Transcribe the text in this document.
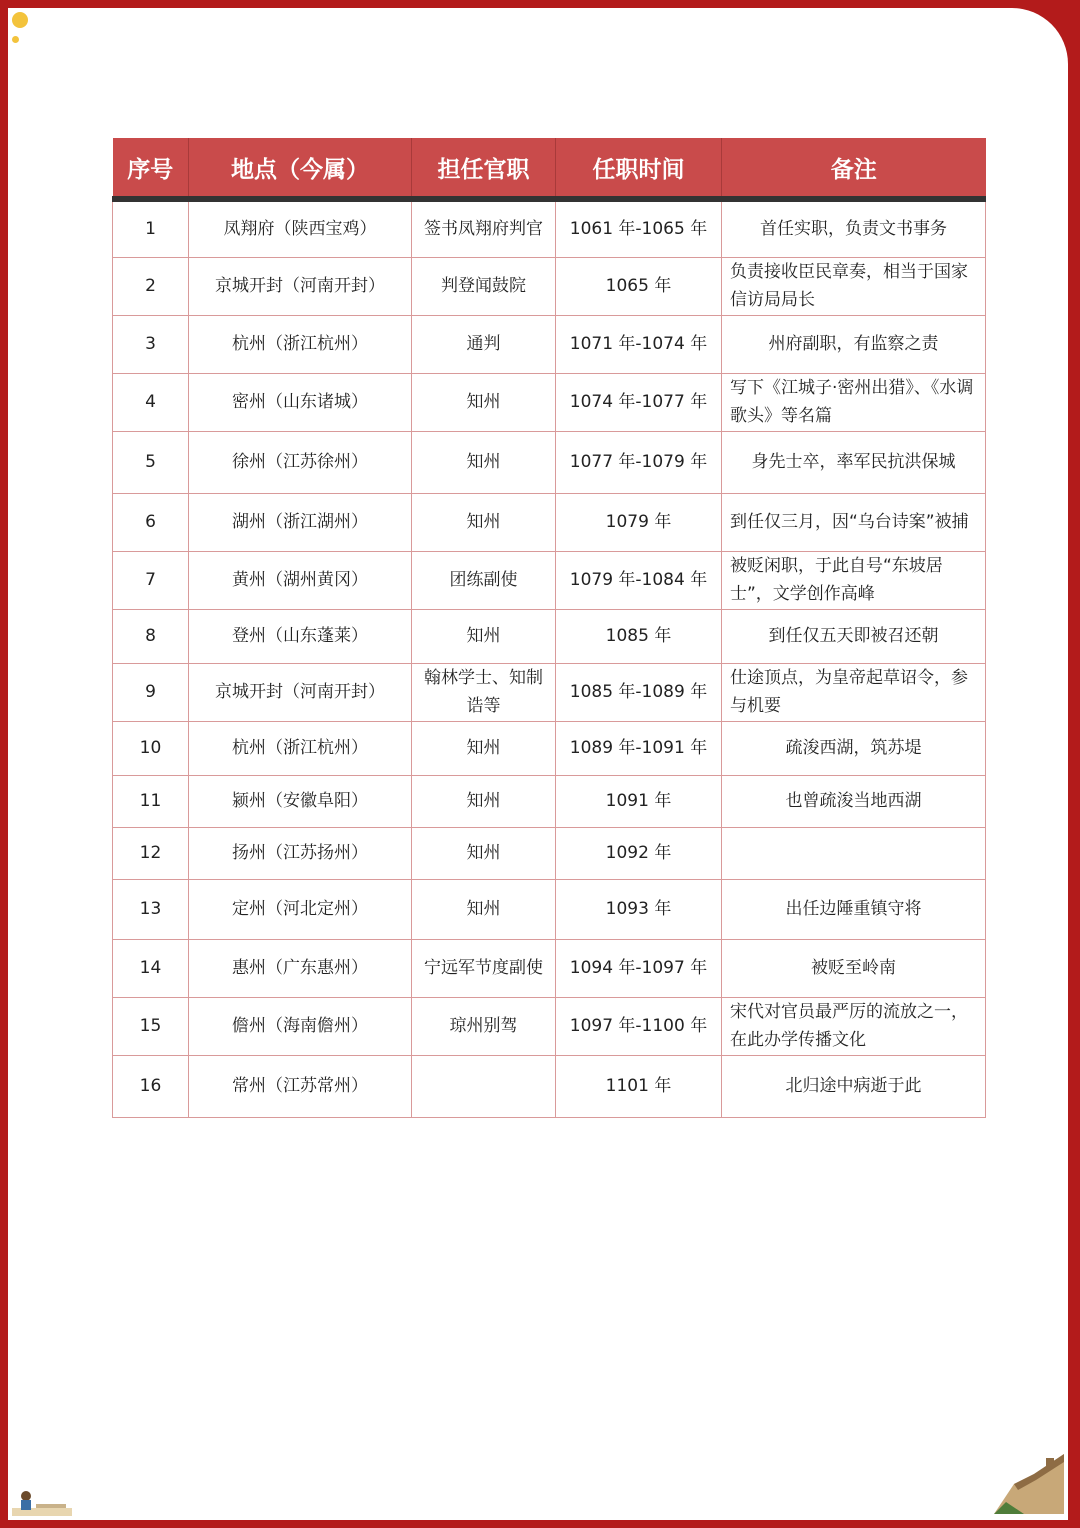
序号	地点（今属）	担任官职	任职时间	备注
1	凤翔府（陕西宝鸡）	签书凤翔府判官	1061 年-1065 年	首任实职，负责文书事务
2	京城开封（河南开封）	判登闻鼓院	1065 年	负责接收臣民章奏，相当于国家信访局局长
3	杭州（浙江杭州）	通判	1071 年-1074 年	州府副职，有监察之责
4	密州（山东诸城）	知州	1074 年-1077 年	写下《江城子·密州出猎》、《水调歌头》等名篇
5	徐州（江苏徐州）	知州	1077 年-1079 年	身先士卒，率军民抗洪保城
6	湖州（浙江湖州）	知州	1079 年	到任仅三月，因“乌台诗案”被捕
7	黄州（湖州黄冈）	团练副使	1079 年-1084 年	被贬闲职，于此自号“东坡居士”，文学创作高峰
8	登州（山东蓬莱）	知州	1085 年	到任仅五天即被召还朝
9	京城开封（河南开封）	翰林学士、知制诰等	1085 年-1089 年	仕途顶点，为皇帝起草诏令，参与机要
10	杭州（浙江杭州）	知州	1089 年-1091 年	疏浚西湖，筑苏堤
11	颍州（安徽阜阳）	知州	1091 年	也曾疏浚当地西湖
12	扬州（江苏扬州）	知州	1092 年	
13	定州（河北定州）	知州	1093 年	出任边陲重镇守将
14	惠州（广东惠州）	宁远军节度副使	1094 年-1097 年	被贬至岭南
15	儋州（海南儋州）	琼州别驾	1097 年-1100 年	宋代对官员最严厉的流放之一，在此办学传播文化
16	常州（江苏常州）		1101 年	北归途中病逝于此
